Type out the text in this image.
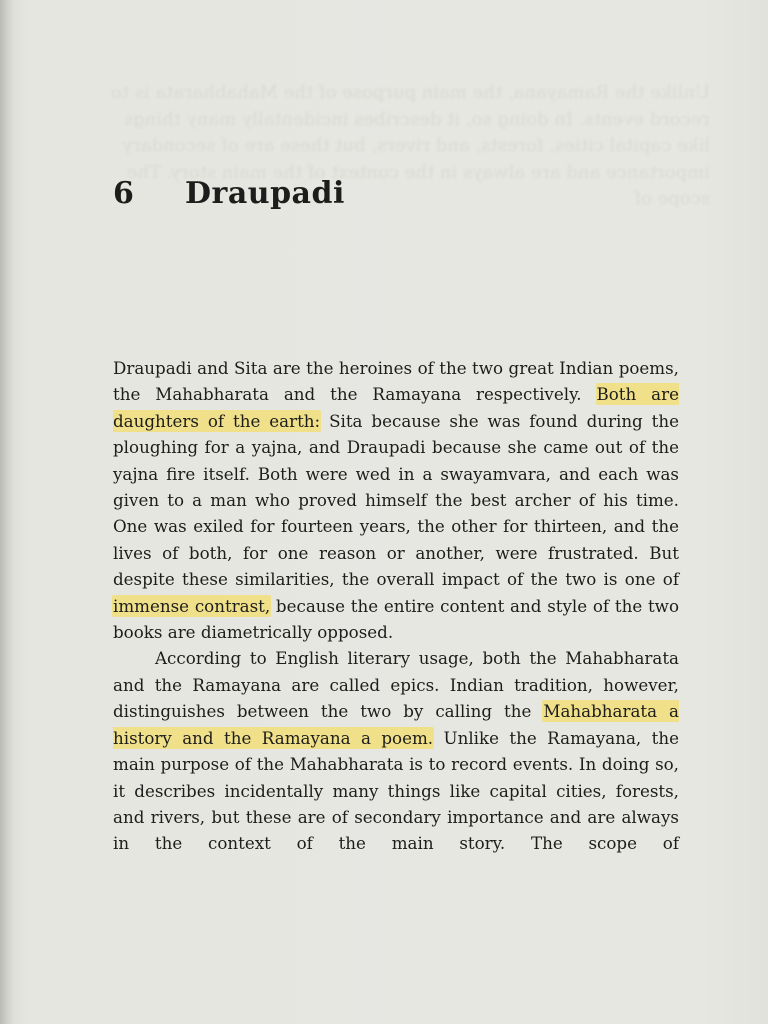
Unlike the Ramayana, the main purpose of the Mahabharata is to record events. In doing so, it describes incidentally many things like capital cities, forests, and rivers, but these are of secondary importance and are always in the context of the main story. The scope of
6 Draupadi

Draupadi and Sita are the heroines of the two great Indian poems, the Mahabharata and the Ramayana respectively. Both are daughters of the earth: Sita because she was found during the ploughing for a yajna, and Draupadi because she came out of the yajna fire itself. Both were wed in a swayamvara, and each was given to a man who proved himself the best archer of his time. One was exiled for fourteen years, the other for thirteen, and the lives of both, for one reason or another, were frustrated. But despite these similarities, the overall impact of the two is one of immense contrast, because the entire content and style of the two books are diametrically opposed.

According to English literary usage, both the Mahabharata and the Ramayana are called epics. Indian tradition, however, distinguishes between the two by calling the Mahabharata a history and the Ramayana a poem. Unlike the Ramayana, the main purpose of the Mahabharata is to record events. In doing so, it describes incidentally many things like capital cities, forests, and rivers, but these are of secondary importance and are always in the context of the main story. The scope of
